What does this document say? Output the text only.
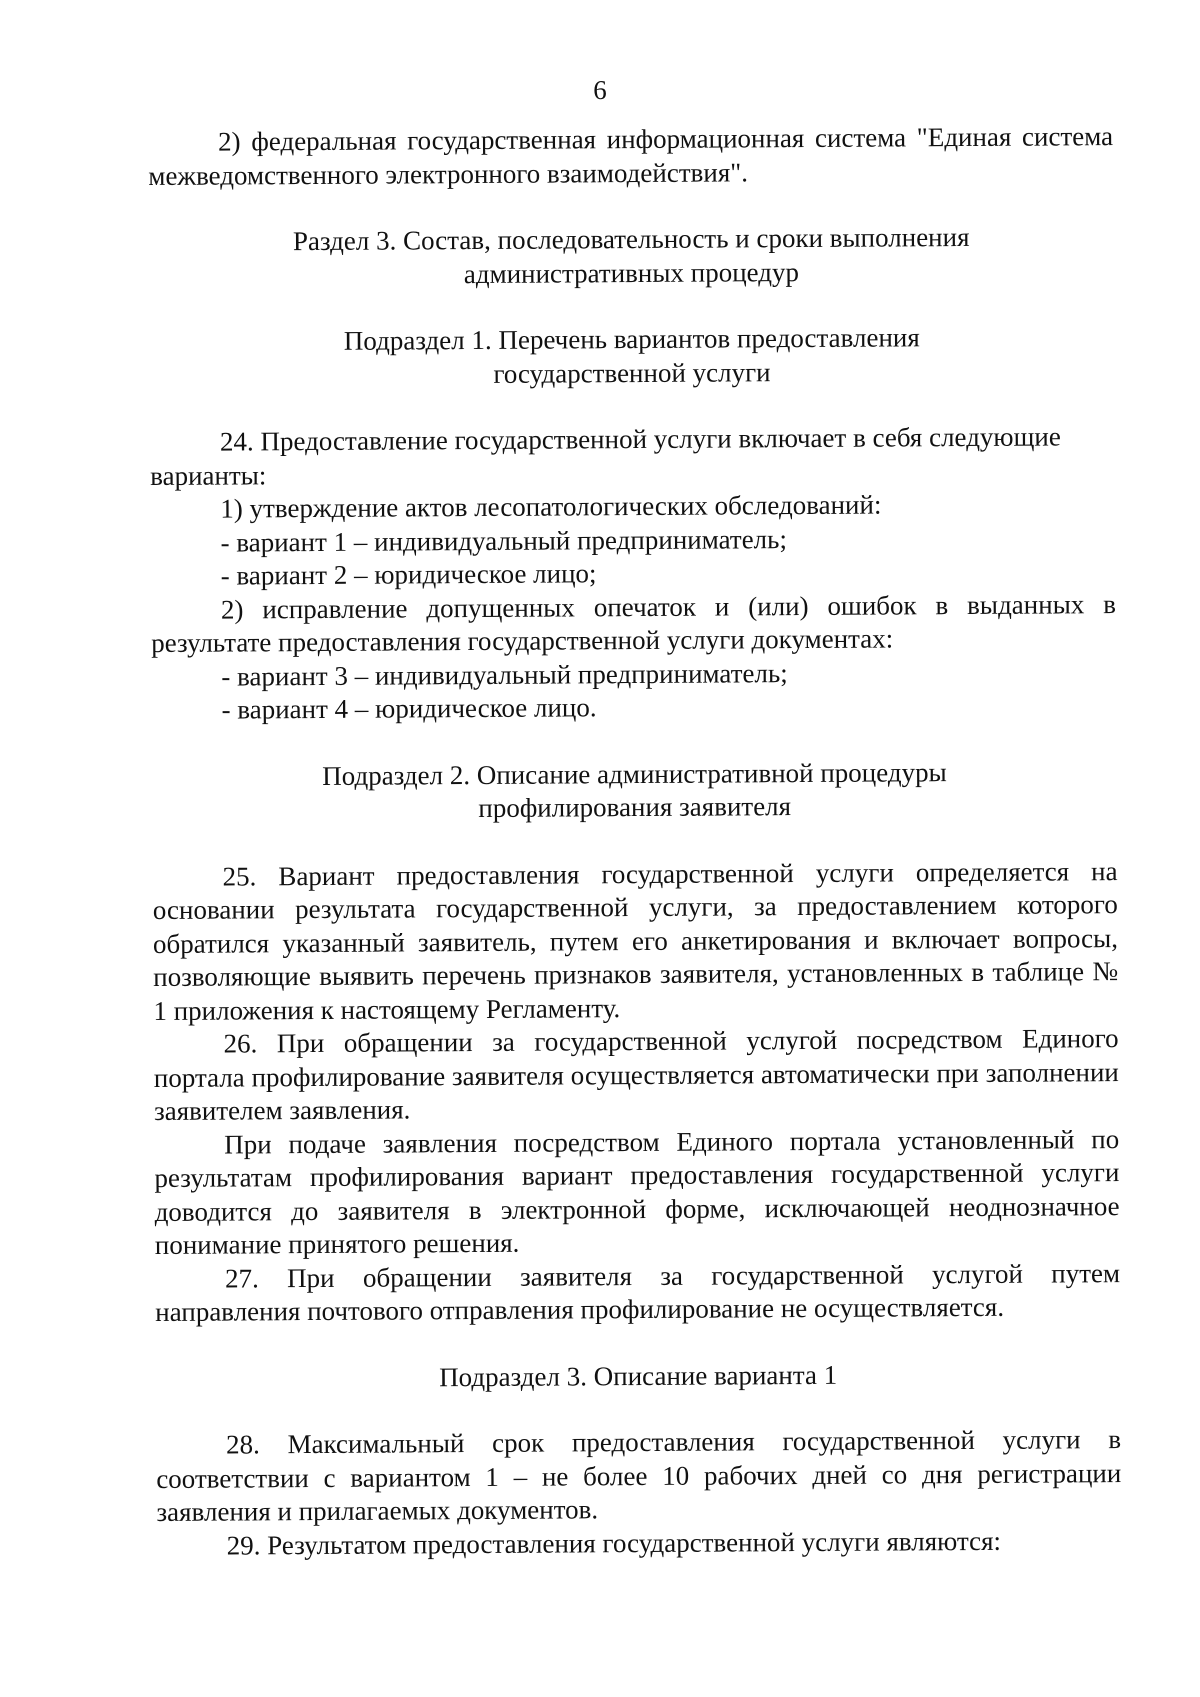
6

2) федеральная государственная информационная система "Единая система межведомственного электронного взаимодействия".

Раздел 3. Состав, последовательность и сроки выполнения
административных процедур
Подраздел 1. Перечень вариантов предоставления
государственной услуги

24. Предоставление государственной услуги включает в себя следующие варианты:

1) утверждение актов лесопатологических обследований:

- вариант 1 – индивидуальный предприниматель;

- вариант 2 – юридическое лицо;

2) исправление допущенных опечаток и (или) ошибок в выданных в результате предоставления государственной услуги документах:

- вариант 3 – индивидуальный предприниматель;

- вариант 4 – юридическое лицо.

Подраздел 2. Описание административной процедуры
профилирования заявителя

25. Вариант предоставления государственной услуги определяется на основании результата государственной услуги, за предоставлением которого обратился указанный заявитель, путем его анкетирования и включает вопросы, позволяющие выявить перечень признаков заявителя, установленных в таблице № 1 приложения к настоящему Регламенту.

26. При обращении за государственной услугой посредством Единого портала профилирование заявителя осуществляется автоматически при заполнении заявителем заявления.

При подаче заявления посредством Единого портала установленный по результатам профилирования вариант предоставления государственной услуги доводится до заявителя в электронной форме, исключающей неоднозначное понимание принятого решения.

27. При обращении заявителя за государственной услугой путем направления почтового отправления профилирование не осуществляется.

Подраздел 3. Описание варианта 1

28. Максимальный срок предоставления государственной услуги в соответствии с вариантом 1 – не более 10 рабочих дней со дня регистрации заявления и прилагаемых документов.

29. Результатом предоставления государственной услуги являются:
